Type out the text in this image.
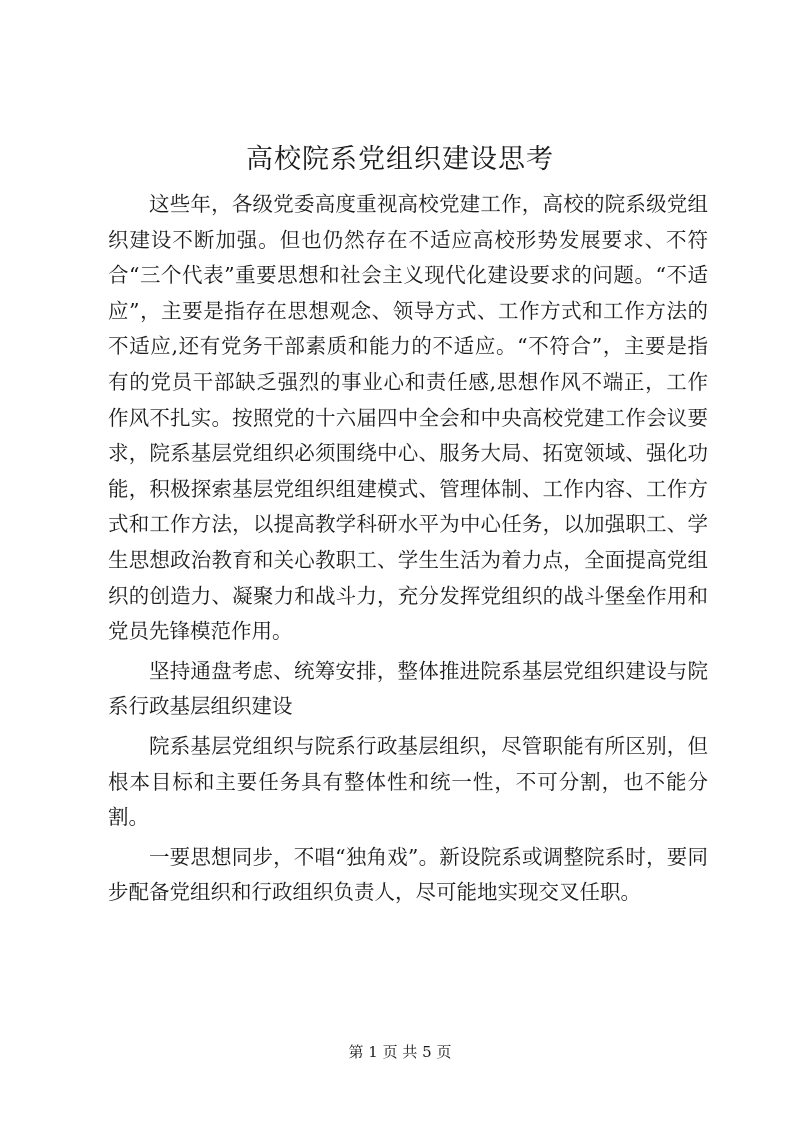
高校院系党组织建设思考

这些年，各级党委高度重视高校党建工作，高校的院系级党组织建设不断加强。但也仍然存在不适应高校形势发展要求、不符合“三个代表”重要思想和社会主义现代化建设要求的问题。“不适应”，主要是指存在思想观念、领导方式、工作方式和工作方法的不适应,还有党务干部素质和能力的不适应。“不符合”，主要是指有的党员干部缺乏强烈的事业心和责任感,思想作风不端正，工作作风不扎实。按照党的十六届四中全会和中央高校党建工作会议要求，院系基层党组织必须围绕中心、服务大局、拓宽领域、强化功能，积极探索基层党组织组建模式、管理体制、工作内容、工作方式和工作方法，以提高教学科研水平为中心任务，以加强职工、学生思想政治教育和关心教职工、学生生活为着力点，全面提高党组织的创造力、凝聚力和战斗力，充分发挥党组织的战斗堡垒作用和党员先锋模范作用。

坚持通盘考虑、统筹安排，整体推进院系基层党组织建设与院系行政基层组织建设

院系基层党组织与院系行政基层组织，尽管职能有所区别，但根本目标和主要任务具有整体性和统一性，不可分割，也不能分割。

一要思想同步，不唱“独角戏”。新设院系或调整院系时，要同步配备党组织和行政组织负责人，尽可能地实现交叉任职。

第 1 页 共 5 页
